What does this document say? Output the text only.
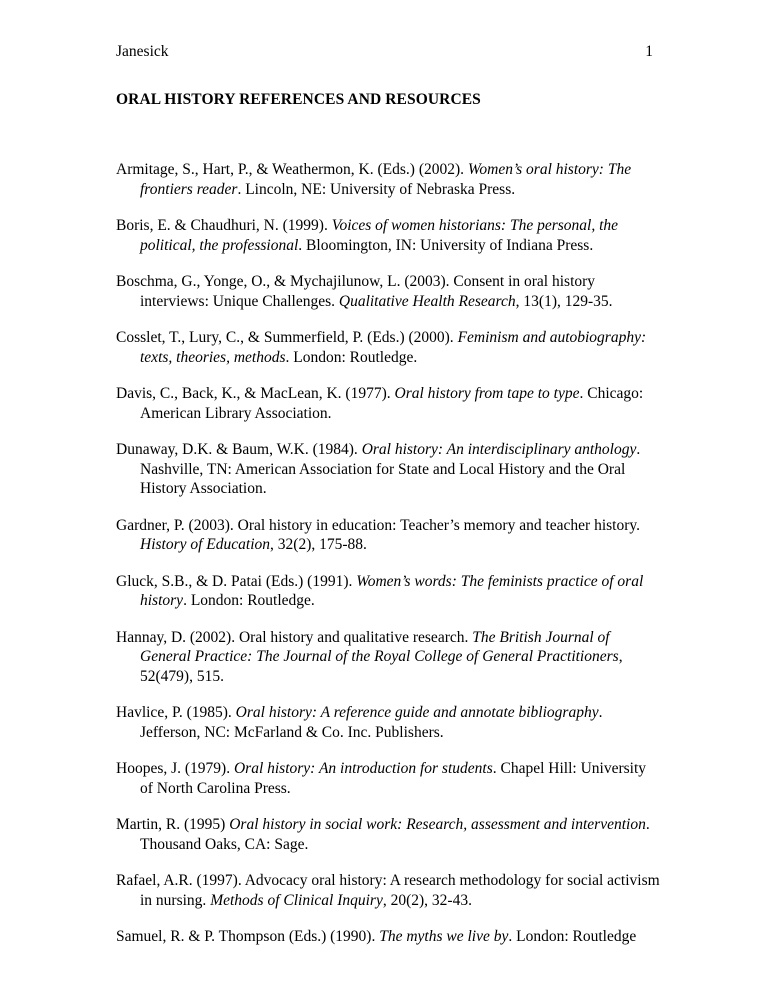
Janesick	1
ORAL HISTORY REFERENCES AND RESOURCES
Armitage, S., Hart, P., & Weathermon, K. (Eds.) (2002). Women’s oral history: The frontiers reader. Lincoln, NE: University of Nebraska Press.
Boris, E. & Chaudhuri, N. (1999). Voices of women historians: The personal, the political, the professional. Bloomington, IN: University of Indiana Press.
Boschma, G., Yonge, O., & Mychajilunow, L. (2003). Consent in oral history interviews: Unique Challenges. Qualitative Health Research, 13(1), 129-35.
Cosslet, T., Lury, C., & Summerfield, P. (Eds.) (2000). Feminism and autobiography: texts, theories, methods. London: Routledge.
Davis, C., Back, K., & MacLean, K. (1977). Oral history from tape to type. Chicago: American Library Association.
Dunaway, D.K. & Baum, W.K. (1984). Oral history: An interdisciplinary anthology. Nashville, TN: American Association for State and Local History and the Oral History Association.
Gardner, P. (2003). Oral history in education: Teacher’s memory and teacher history. History of Education, 32(2), 175-88.
Gluck, S.B., & D. Patai (Eds.) (1991). Women’s words: The feminists practice of oral history. London: Routledge.
Hannay, D. (2002). Oral history and qualitative research. The British Journal of General Practice: The Journal of the Royal College of General Practitioners, 52(479), 515.
Havlice, P. (1985). Oral history: A reference guide and annotate bibliography. Jefferson, NC: McFarland & Co. Inc. Publishers.
Hoopes, J. (1979). Oral history: An introduction for students. Chapel Hill: University of North Carolina Press.
Martin, R. (1995) Oral history in social work: Research, assessment and intervention. Thousand Oaks, CA: Sage.
Rafael, A.R. (1997). Advocacy oral history: A research methodology for social activism in nursing. Methods of Clinical Inquiry, 20(2), 32-43.
Samuel, R. & P. Thompson (Eds.) (1990). The myths we live by. London: Routledge
